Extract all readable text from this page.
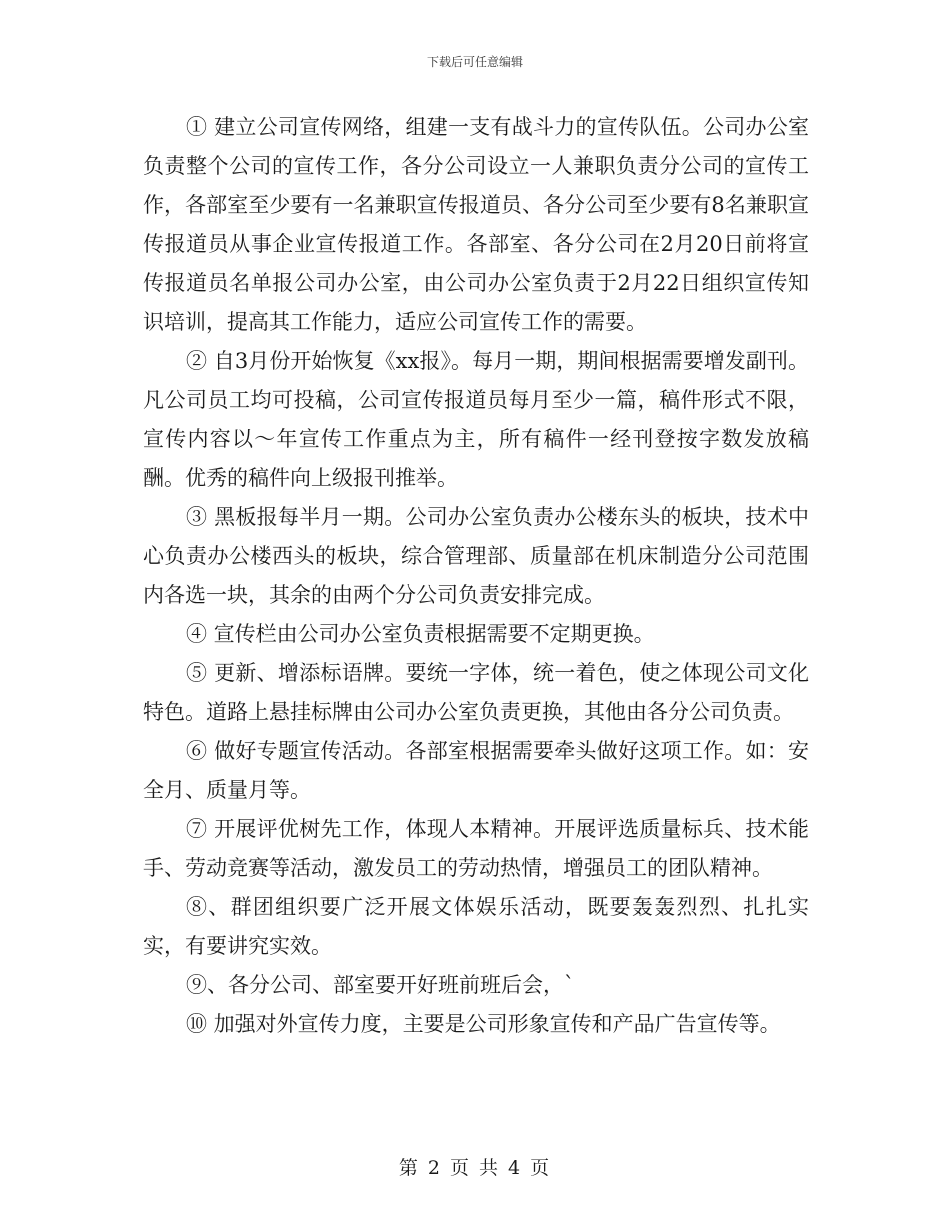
下载后可任意编辑

① 建立公司宣传网络，组建一支有战斗力的宣传队伍。公司办公室负责整个公司的宣传工作，各分公司设立一人兼职负责分公司的宣传工作，各部室至少要有一名兼职宣传报道员、各分公司至少要有8名兼职宣传报道员从事企业宣传报道工作。各部室、各分公司在2月20日前将宣传报道员名单报公司办公室，由公司办公室负责于2月22日组织宣传知识培训，提高其工作能力，适应公司宣传工作的需要。

② 自3月份开始恢复《xx报》。每月一期，期间根据需要增发副刊。凡公司员工均可投稿，公司宣传报道员每月至少一篇，稿件形式不限，宣传内容以～年宣传工作重点为主，所有稿件一经刊登按字数发放稿酬。优秀的稿件向上级报刊推举。

③ 黑板报每半月一期。公司办公室负责办公楼东头的板块，技术中心负责办公楼西头的板块，综合管理部、质量部在机床制造分公司范围内各选一块，其余的由两个分公司负责安排完成。

④ 宣传栏由公司办公室负责根据需要不定期更换。

⑤ 更新、增添标语牌。要统一字体，统一着色，使之体现公司文化特色。道路上悬挂标牌由公司办公室负责更换，其他由各分公司负责。

⑥ 做好专题宣传活动。各部室根据需要牵头做好这项工作。如：安全月、质量月等。

⑦ 开展评优树先工作，体现人本精神。开展评选质量标兵、技术能手、劳动竞赛等活动，激发员工的劳动热情，增强员工的团队精神。

⑧、群团组织要广泛开展文体娱乐活动，既要轰轰烈烈、扎扎实实，有要讲究实效。

⑨、各分公司、部室要开好班前班后会，`

⑩ 加强对外宣传力度，主要是公司形象宣传和产品广告宣传等。

第 2 页 共 4 页
